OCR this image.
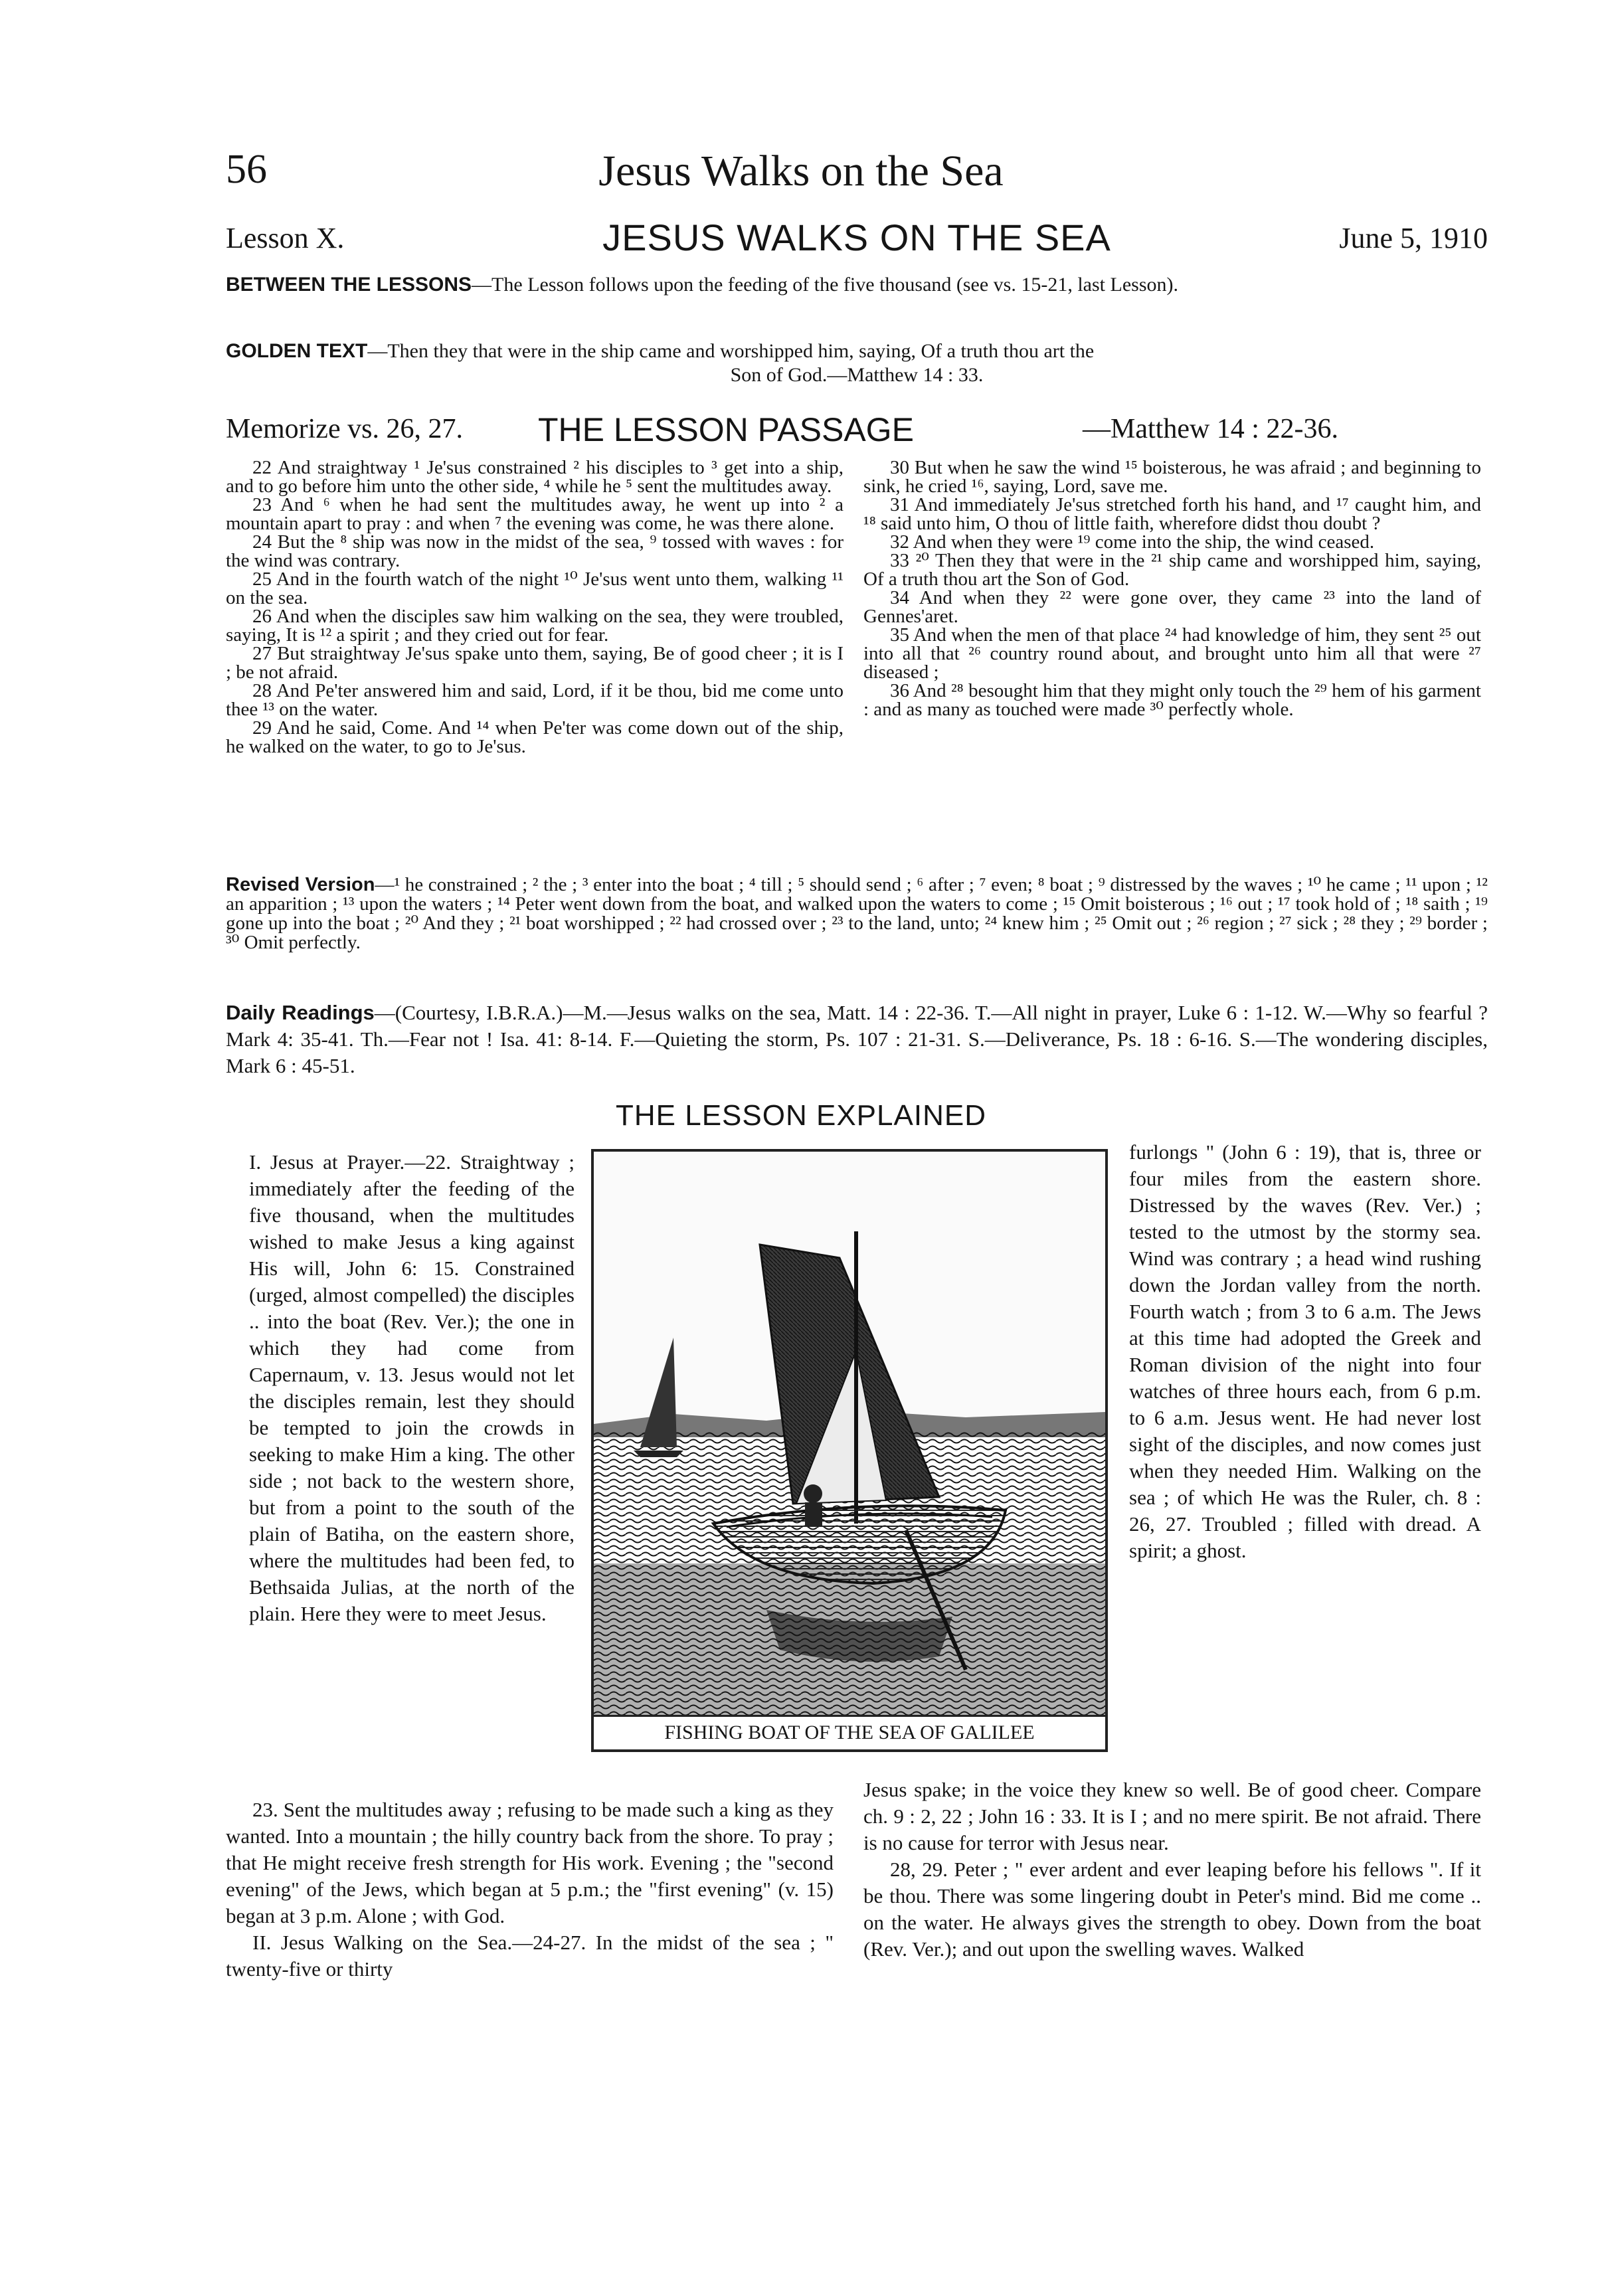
56	Jesus Walks on the Sea
JESUS WALKS ON THE SEA
Lesson X.	June 5, 1910
BETWEEN THE LESSONS—The Lesson follows upon the feeding of the five thousand (see vs. 15-21, last Lesson).
GOLDEN TEXT—Then they that were in the ship came and worshipped him, saying, Of a truth thou art the
Son of God.—Matthew 14 : 33.
Memorize vs. 26, 27. THE LESSON PASSAGE	—Matthew 14 : 22-36.

22 And straightway ¹ Je'sus constrained ² his disciples to ³ get into a ship, and to go before him unto the other side, ⁴ while he ⁵ sent the multitudes away.

23 And ⁶ when he had sent the multitudes away, he went up into ² a mountain apart to pray : and when ⁷ the evening was come, he was there alone.

24 But the ⁸ ship was now in the midst of the sea, ⁹ tossed with waves : for the wind was contrary.

25 And in the fourth watch of the night ¹⁰ Je'sus went unto them, walking ¹¹ on the sea.

26 And when the disciples saw him walking on the sea, they were troubled, saying, It is ¹² a spirit ; and they cried out for fear.

27 But straightway Je'sus spake unto them, saying, Be of good cheer ; it is I ; be not afraid.

28 And Pe'ter answered him and said, Lord, if it be thou, bid me come unto thee ¹³ on the water.

29 And he said, Come. And ¹⁴ when Pe'ter was come down out of the ship, he walked on the water, to go to Je'sus.

30 But when he saw the wind ¹⁵ boisterous, he was afraid ; and beginning to sink, he cried ¹⁶, saying, Lord, save me.

31 And immediately Je'sus stretched forth his hand, and ¹⁷ caught him, and ¹⁸ said unto him, O thou of little faith, wherefore didst thou doubt ?

32 And when they were ¹⁹ come into the ship, the wind ceased.

33 ²⁰ Then they that were in the ²¹ ship came and worshipped him, saying, Of a truth thou art the Son of God.

34 And when they ²² were gone over, they came ²³ into the land of Gennes'aret.

35 And when the men of that place ²⁴ had knowledge of him, they sent ²⁵ out into all that ²⁶ country round about, and brought unto him all that were ²⁷ diseased ;

36 And ²⁸ besought him that they might only touch the ²⁹ hem of his garment : and as many as touched were made ³⁰ perfectly whole.

Revised Version—¹ he constrained ; ² the ; ³ enter into the boat ; ⁴ till ; ⁵ should send ; ⁶ after ; ⁷ even; ⁸ boat ; ⁹ distressed by the waves ; ¹⁰ he came ; ¹¹ upon ; ¹² an apparition ; ¹³ upon the waters ; ¹⁴ Peter went down from the boat, and walked upon the waters to come ; ¹⁵ Omit boisterous ; ¹⁶ out ; ¹⁷ took hold of ; ¹⁸ saith ; ¹⁹ gone up into the boat ; ²⁰ And they ; ²¹ boat worshipped ; ²² had crossed over ; ²³ to the land, unto; ²⁴ knew him ; ²⁵ Omit out ; ²⁶ region ; ²⁷ sick ; ²⁸ they ; ²⁹ border ; ³⁰ Omit perfectly.
Daily Readings—(Courtesy, I.B.R.A.)—M.—Jesus walks on the sea, Matt. 14 : 22-36. T.—All night in prayer, Luke 6 : 1-12. W.—Why so fearful ? Mark 4: 35-41. Th.—Fear not ! Isa. 41: 8-14. F.—Quieting the storm, Ps. 107 : 21-31. S.—Deliverance, Ps. 18 : 6-16. S.—The wondering disciples, Mark 6 : 45-51.
THE LESSON EXPLAINED
I. Jesus at Prayer.—22. Straightway ; immediately after the feeding of the five thousand, when the multitudes wished to make Jesus a king against His will, John 6: 15. Constrained (urged, almost compelled) the disciples .. into the boat (Rev. Ver.); the one in which they had come from Capernaum, v. 13. Jesus would not let the disciples remain, lest they should be tempted to join the crowds in seeking to make Him a king. The other side ; not back to the western shore, but from a point to the south of the plain of Batiha, on the eastern shore, where the multitudes had been fed, to Bethsaida Julias, at the north of the plain. Here they were to meet Jesus.
FISHING BOAT OF THE SEA OF GALILEE
furlongs " (John 6 : 19), that is, three or four miles from the eastern shore. Distressed by the waves (Rev. Ver.) ; tested to the utmost by the stormy sea. Wind was contrary ; a head wind rushing down the Jordan valley from the north. Fourth watch ; from 3 to 6 a.m. The Jews at this time had adopted the Greek and Roman division of the night into four watches of three hours each, from 6 p.m. to 6 a.m. Jesus went. He had never lost sight of the disciples, and now comes just when they needed Him. Walking on the sea ; of which He was the Ruler, ch. 8 : 26, 27. Troubled ; filled with dread. A spirit; a ghost.
23. Sent the multitudes away ; refusing to be made such a king as they wanted. Into a mountain ; the hilly country back from the shore. To pray ; that He might receive fresh strength for His work. Evening ; the "second evening" of the Jews, which began at 5 p.m.; the "first evening" (v. 15) began at 3 p.m. Alone ; with God.
II. Jesus Walking on the Sea.—24-27. In the midst of the sea ; " twenty-five or thirty
Jesus spake; in the voice they knew so well. Be of good cheer. Compare ch. 9 : 2, 22 ; John 16 : 33. It is I ; and no mere spirit. Be not afraid. There is no cause for terror with Jesus near.
28, 29. Peter ; " ever ardent and ever leaping before his fellows ". If it be thou. There was some lingering doubt in Peter's mind. Bid me come .. on the water. He always gives the strength to obey. Down from the boat (Rev. Ver.); and out upon the swelling waves. Walked
